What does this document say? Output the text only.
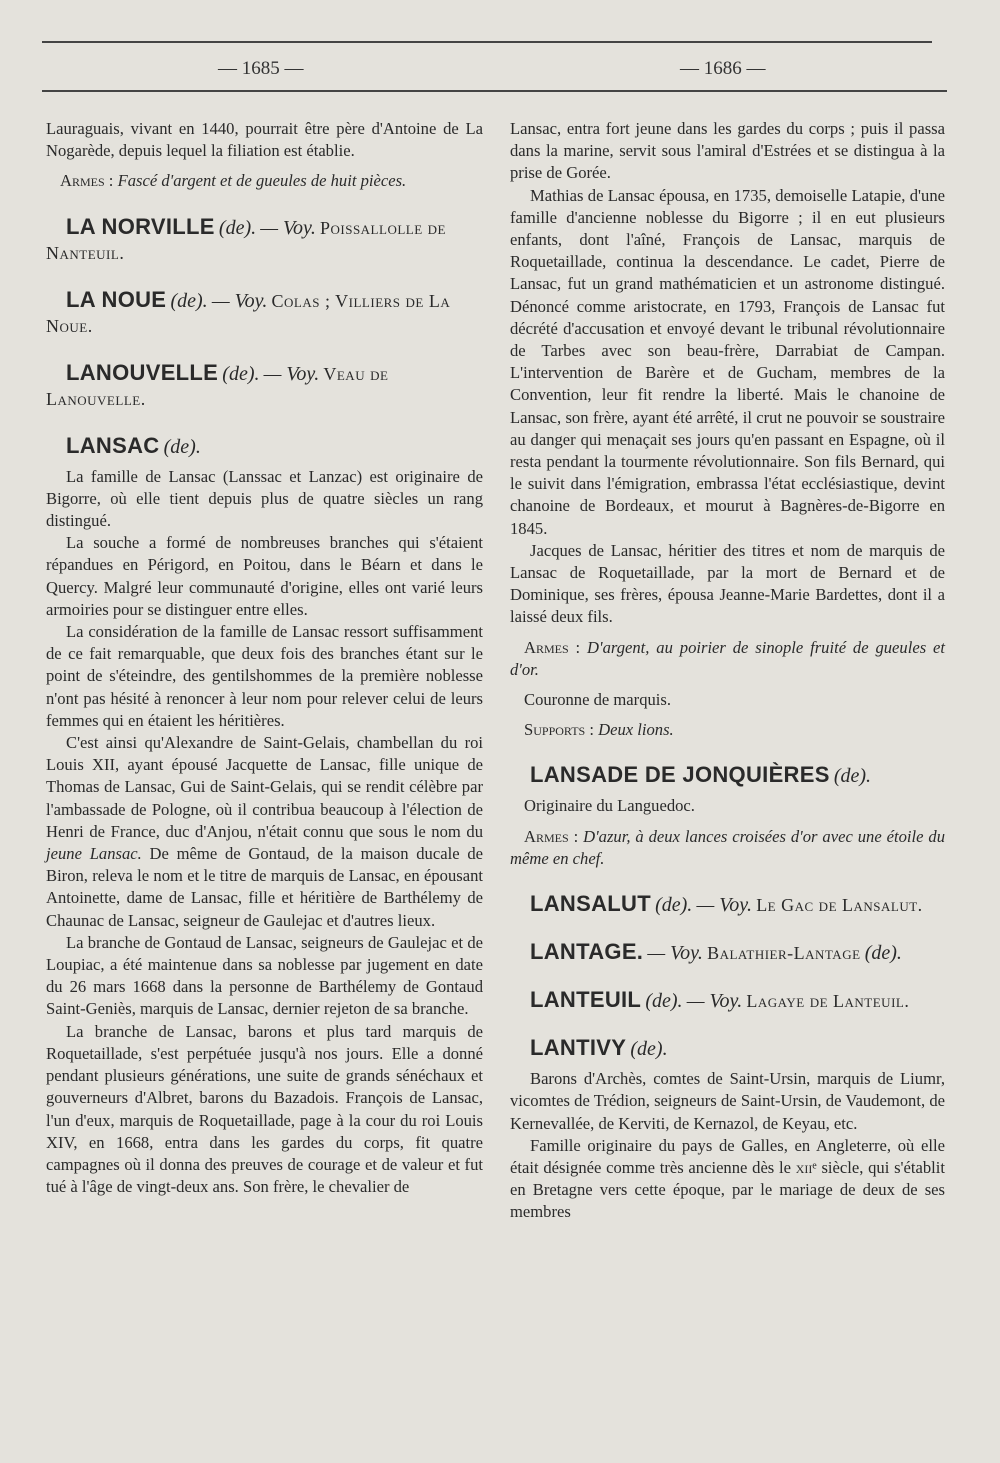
— 1685 —	— 1686 —

Lauraguais, vivant en 1440, pourrait être père d'Antoine de La Nogarède, depuis lequel la filiation est établie.

Armes : Fascé d'argent et de gueules de huit pièces.

LA NORVILLE (de). — Voy. Poissallolle de Nanteuil.
LA NOUE (de). — Voy. Colas ; Villiers de La Noue.
LANOUVELLE (de). — Voy. Veau de Lanouvelle.
LANSAC (de).

La famille de Lansac (Lanssac et Lanzac) est originaire de Bigorre, où elle tient depuis plus de quatre siècles un rang distingué.

La souche a formé de nombreuses branches qui s'étaient répandues en Périgord, en Poitou, dans le Béarn et dans le Quercy. Malgré leur communauté d'origine, elles ont varié leurs armoiries pour se distinguer entre elles.

La considération de la famille de Lansac ressort suffisamment de ce fait remarquable, que deux fois des branches étant sur le point de s'éteindre, des gentilshommes de la première noblesse n'ont pas hésité à renoncer à leur nom pour relever celui de leurs femmes qui en étaient les héritières.

C'est ainsi qu'Alexandre de Saint-Gelais, chambellan du roi Louis XII, ayant épousé Jacquette de Lansac, fille unique de Thomas de Lansac, Gui de Saint-Gelais, qui se rendit célèbre par l'ambassade de Pologne, où il contribua beaucoup à l'élection de Henri de France, duc d'Anjou, n'était connu que sous le nom du jeune Lansac. De même de Gontaud, de la maison ducale de Biron, releva le nom et le titre de marquis de Lansac, en épousant Antoinette, dame de Lansac, fille et héritière de Barthélemy de Chaunac de Lansac, seigneur de Gaulejac et d'autres lieux.

La branche de Gontaud de Lansac, seigneurs de Gaulejac et de Loupiac, a été maintenue dans sa noblesse par jugement en date du 26 mars 1668 dans la personne de Barthélemy de Gontaud Saint-Geniès, marquis de Lansac, dernier rejeton de sa branche.

La branche de Lansac, barons et plus tard marquis de Roquetaillade, s'est perpétuée jusqu'à nos jours. Elle a donné pendant plusieurs générations, une suite de grands sénéchaux et gouverneurs d'Albret, barons du Bazadois. François de Lansac, l'un d'eux, marquis de Roquetaillade, page à la cour du roi Louis XIV, en 1668, entra dans les gardes du corps, fit quatre campagnes où il donna des preuves de courage et de valeur et fut tué à l'âge de vingt-deux ans. Son frère, le chevalier de

Lansac, entra fort jeune dans les gardes du corps ; puis il passa dans la marine, servit sous l'amiral d'Estrées et se distingua à la prise de Gorée.

Mathias de Lansac épousa, en 1735, demoiselle Latapie, d'une famille d'ancienne noblesse du Bigorre ; il en eut plusieurs enfants, dont l'aîné, François de Lansac, marquis de Roquetaillade, continua la descendance. Le cadet, Pierre de Lansac, fut un grand mathématicien et un astronome distingué. Dénoncé comme aristocrate, en 1793, François de Lansac fut décrété d'accusation et envoyé devant le tribunal révolutionnaire de Tarbes avec son beau-frère, Darrabiat de Campan. L'intervention de Barère et de Gucham, membres de la Convention, leur fit rendre la liberté. Mais le chanoine de Lansac, son frère, ayant été arrêté, il crut ne pouvoir se soustraire au danger qui menaçait ses jours qu'en passant en Espagne, où il resta pendant la tourmente révolutionnaire. Son fils Bernard, qui le suivit dans l'émigration, embrassa l'état ecclésiastique, devint chanoine de Bordeaux, et mourut à Bagnères-de-Bigorre en 1845.

Jacques de Lansac, héritier des titres et nom de marquis de Lansac de Roquetaillade, par la mort de Bernard et de Dominique, ses frères, épousa Jeanne-Marie Bardettes, dont il a laissé deux fils.

Armes : D'argent, au poirier de sinople fruité de gueules et d'or.

Couronne de marquis.

Supports : Deux lions.

LANSADE DE JONQUIÈRES (de).

Originaire du Languedoc.

Armes : D'azur, à deux lances croisées d'or avec une étoile du même en chef.

LANSALUT (de). — Voy. Le Gac de Lansalut.
LANTAGE. — Voy. Balathier-Lantage (de).
LANTEUIL (de). — Voy. Lagaye de Lanteuil.
LANTIVY (de).

Barons d'Archès, comtes de Saint-Ursin, marquis de Liumr, vicomtes de Trédion, seigneurs de Saint-Ursin, de Vaudemont, de Kernevallée, de Kerviti, de Kernazol, de Keyau, etc.

Famille originaire du pays de Galles, en Angleterre, où elle était désignée comme très ancienne dès le xiiᵉ siècle, qui s'établit en Bretagne vers cette époque, par le mariage de deux de ses membres
